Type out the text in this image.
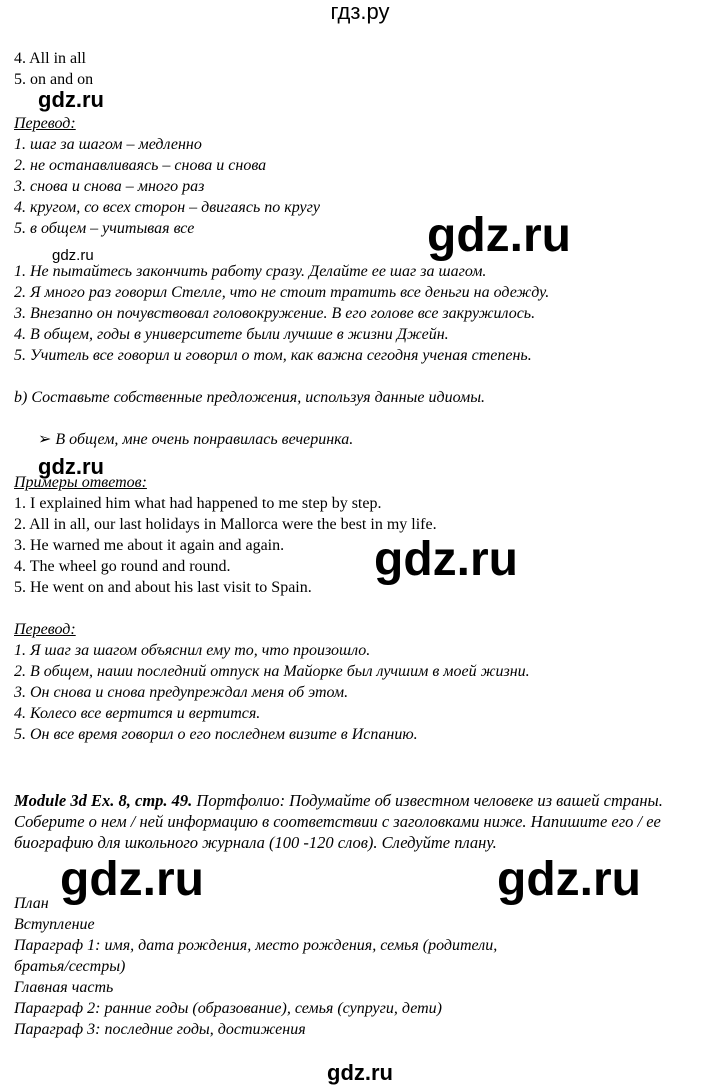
гдз.ру
4. All in all
5. on and on
gdz.ru
Перевод:
1. шаг за шагом – медленно
2. не останавливаясь – снова и снова
3. снова и снова – много раз
4. кругом, со всех сторон – двигаясь по кругу
5. в общем – учитывая все	gdz.ru
gdz.ru
1. Не пытайтесь закончить работу сразу. Делайте ее шаг за шагом.
2. Я много раз говорил Стелле, что не стоит тратить все деньги на одежду.
3. Внезапно он почувствовал головокружение. В его голове все закружилось.
4. В общем, годы в университете были лучшие в жизни Джейн.
5. Учитель все говорил и говорил о том, как важна сегодня ученая степень.
b) Составьте собственные предложения, используя данные идиомы.
➢ В общем, мне очень понравилась вечеринка.
gdz.ru
Примеры ответов:
1. I explained him what had happened to me step by step.
2. All in all, our last holidays in Mallorca were the best in my life.
3. He warned me about it again and again.
4. The wheel go round and round.
5. He went on and about his last visit to Spain.
gdz.ru
Перевод:
1. Я шаг за шагом объяснил ему то, что произошло.
2. В общем, наши последний отпуск на Майорке был лучшим в моей жизни.
3. Он снова и снова предупреждал меня об этом.
4. Колесо все вертится и вертится.
5. Он все время говорил о его последнем визите в Испанию.
Module 3d Ex. 8, стр. 49. Портфолио: Подумайте об известном человеке из вашей страны. Соберите о нем / ней информацию в соответствии с заголовками ниже. Напишите его / ее биографию для школьного журнала (100 -120 слов). Следуйте плану.
gdz.ru	gdz.ru
План
Вступление
Параграф 1: имя, дата рождения, место рождения, семья (родители,
братья/сестры)
Главная часть
Параграф 2: ранние годы (образование), семья (супруги, дети)
Параграф 3: последние годы, достижения
gdz.ru
